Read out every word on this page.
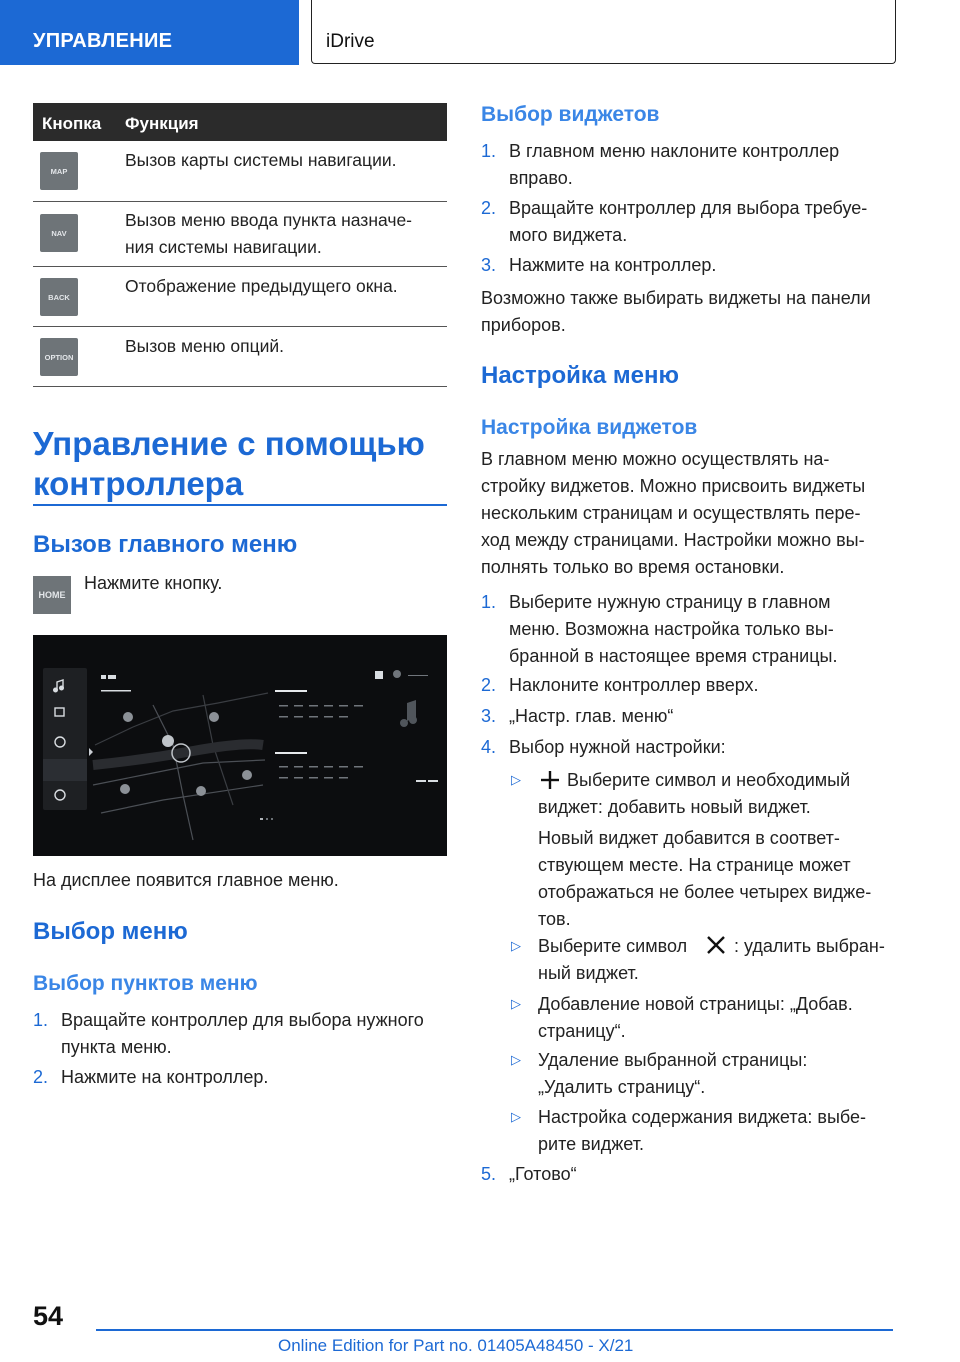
УПРАВЛЕНИЕ	iDrive
Кнопка Функция
MAP
Вызов карты системы навигации.
NAV
Вызов меню ввода пункта назначе-
ния системы навигации.
BACK
Отображение предыдущего окна.
OPTION
Вызов меню опций.
Управление с помощью
контроллера
Вызов главного меню
HOME
Нажмите кнопку.
На дисплее появится главное меню.
Выбор меню
Выбор пунктов меню
1. Вращайте контроллер для выбора нужного
пункта меню.
2. Нажмите на контроллер.
Выбор виджетов
1. В главном меню наклоните контроллер
вправо.
2. Вращайте контроллер для выбора требуе-
мого виджета.
3. Нажмите на контроллер.
Возможно также выбирать виджеты на панели
приборов.
Настройка меню
Настройка виджетов
В главном меню можно осуществлять на-
стройку виджетов. Можно присвоить виджеты
нескольким страницам и осуществлять пере-
ход между страницами. Настройки можно вы-
полнять только во время остановки.
1. Выберите нужную страницу в главном
меню. Возможна настройка только вы-
бранной в настоящее время страницы.
2. Наклоните контроллер вверх.
3. „Настр. глав. меню“
4. Выбор нужной настройки:
▷	Выберите символ и необходимый
виджет: добавить новый виджет.
Новый виджет добавится в соответ-
ствующем месте. На странице может
отображаться не более четырех видже-
тов.
▷ Выберите символ	: удалить выбран-
ный виджет.
▷ Добавление новой страницы: „Добав.
страницу“.
▷ Удаление выбранной страницы:
„Удалить страницу“.
▷ Настройка содержания виджета: выбе-
рите виджет.
5. „Готово“
54
Online Edition for Part no. 01405A48450 - X/21
